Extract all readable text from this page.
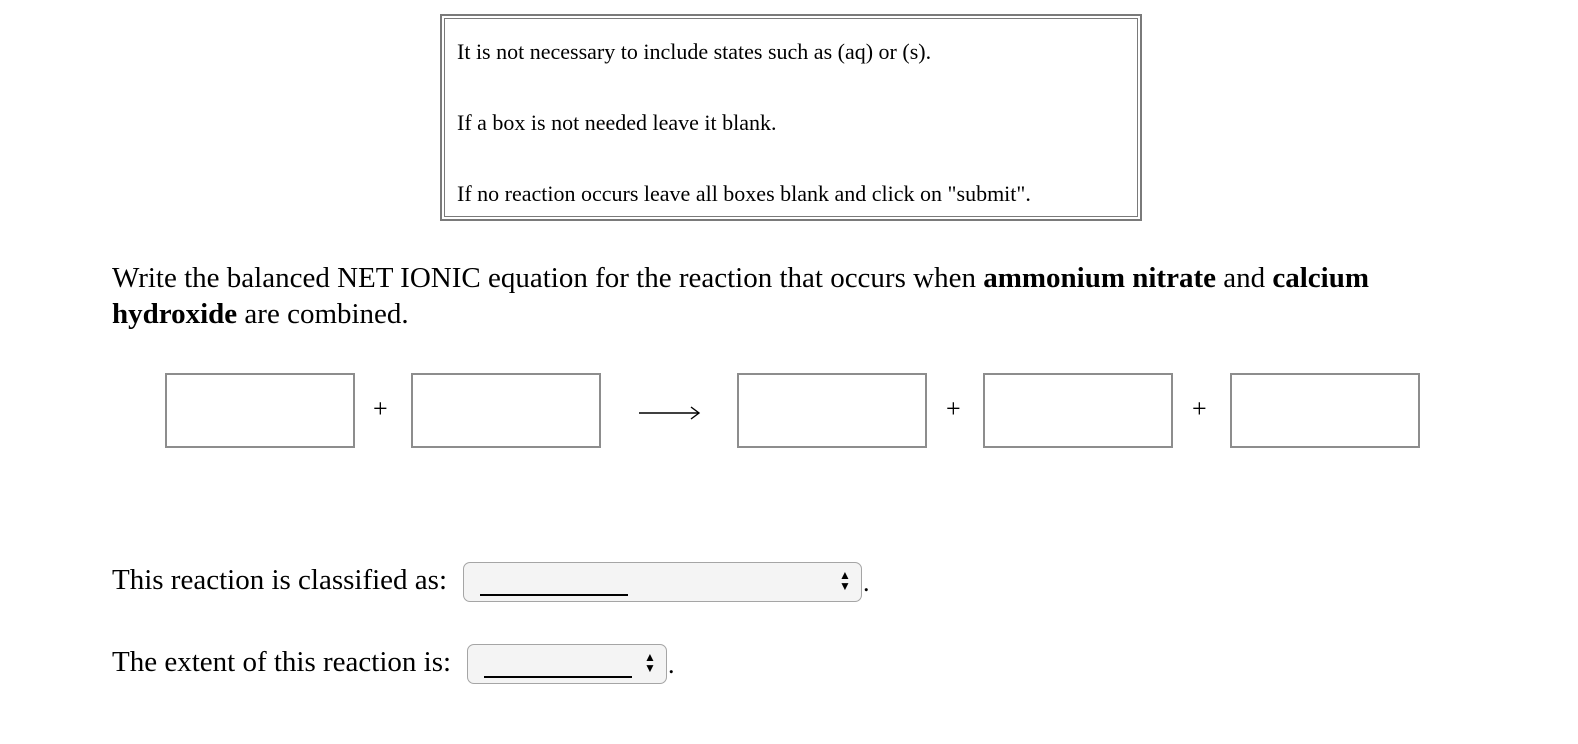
It is not necessary to include states such as (aq) or (s).
If a box is not needed leave it blank.
If no reaction occurs leave all boxes blank and click on "submit".
Write the balanced NET IONIC equation for the reaction that occurs when ammonium nitrate and calcium hydroxide are combined.
+	+	+
This reaction is classified as:	▲
▼ .
The extent of this reaction is:	▲
▼ .
